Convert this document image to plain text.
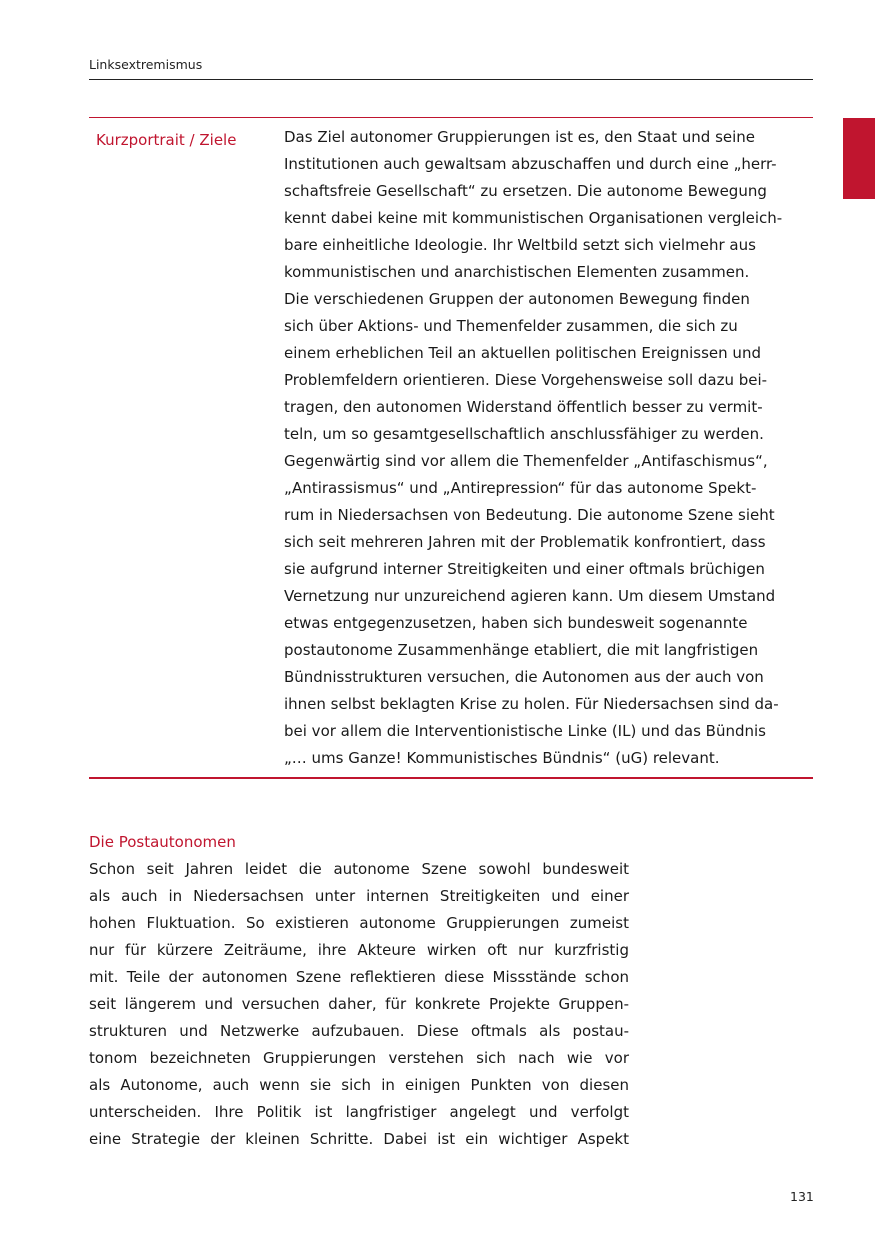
Linksextremismus
Kurzportrait / Ziele	Das Ziel autonomer Gruppierungen ist es, den Staat und seine
Institutionen auch gewaltsam abzuschaffen und durch eine „herr-
schaftsfreie Gesellschaft“ zu ersetzen. Die autonome Bewegung
kennt dabei keine mit kommunistischen Organisationen vergleich-
bare einheitliche Ideologie. Ihr Weltbild setzt sich vielmehr aus
kommunistischen und anarchistischen Elementen zusammen.
Die verschiedenen Gruppen der autonomen Bewegung finden
sich über Aktions- und Themenfelder zusammen, die sich zu
einem erheblichen Teil an aktuellen politischen Ereignissen und
Problemfeldern orientieren. Diese Vorgehensweise soll dazu bei-
tragen, den autonomen Widerstand öffentlich besser zu vermit-
teln, um so gesamtgesellschaftlich anschlussfähiger zu werden.
Gegenwärtig sind vor allem die Themenfelder „Antifaschismus“,
„Antirassismus“ und „Antirepression“ für das autonome Spekt-
rum in Niedersachsen von Bedeutung. Die autonome Szene sieht
sich seit mehreren Jahren mit der Problematik konfrontiert, dass
sie aufgrund interner Streitigkeiten und einer oftmals brüchigen
Vernetzung nur unzureichend agieren kann. Um diesem Umstand
etwas entgegenzusetzen, haben sich bundesweit sogenannte
postautonome Zusammenhänge etabliert, die mit langfristigen
Bündnisstrukturen versuchen, die Autonomen aus der auch von
ihnen selbst beklagten Krise zu holen. Für Niedersachsen sind da-
bei vor allem die Interventionistische Linke (IL) und das Bündnis
„… ums Ganze! Kommunistisches Bündnis“ (uG) relevant.
Die Postautonomen
Schon seit Jahren leidet die autonome Szene sowohl bundesweit
als auch in Niedersachsen unter internen Streitigkeiten und einer
hohen Fluktuation. So existieren autonome Gruppierungen zumeist
nur für kürzere Zeiträume, ihre Akteure wirken oft nur kurzfristig
mit. Teile der autonomen Szene reflektieren diese Missstände schon
seit längerem und versuchen daher, für konkrete Projekte Gruppen-
strukturen und Netzwerke aufzubauen. Diese oftmals als postau-
tonom bezeichneten Gruppierungen verstehen sich nach wie vor
als Autonome, auch wenn sie sich in einigen Punkten von diesen
unterscheiden. Ihre Politik ist langfristiger angelegt und verfolgt
eine Strategie der kleinen Schritte. Dabei ist ein wichtiger Aspekt
131
